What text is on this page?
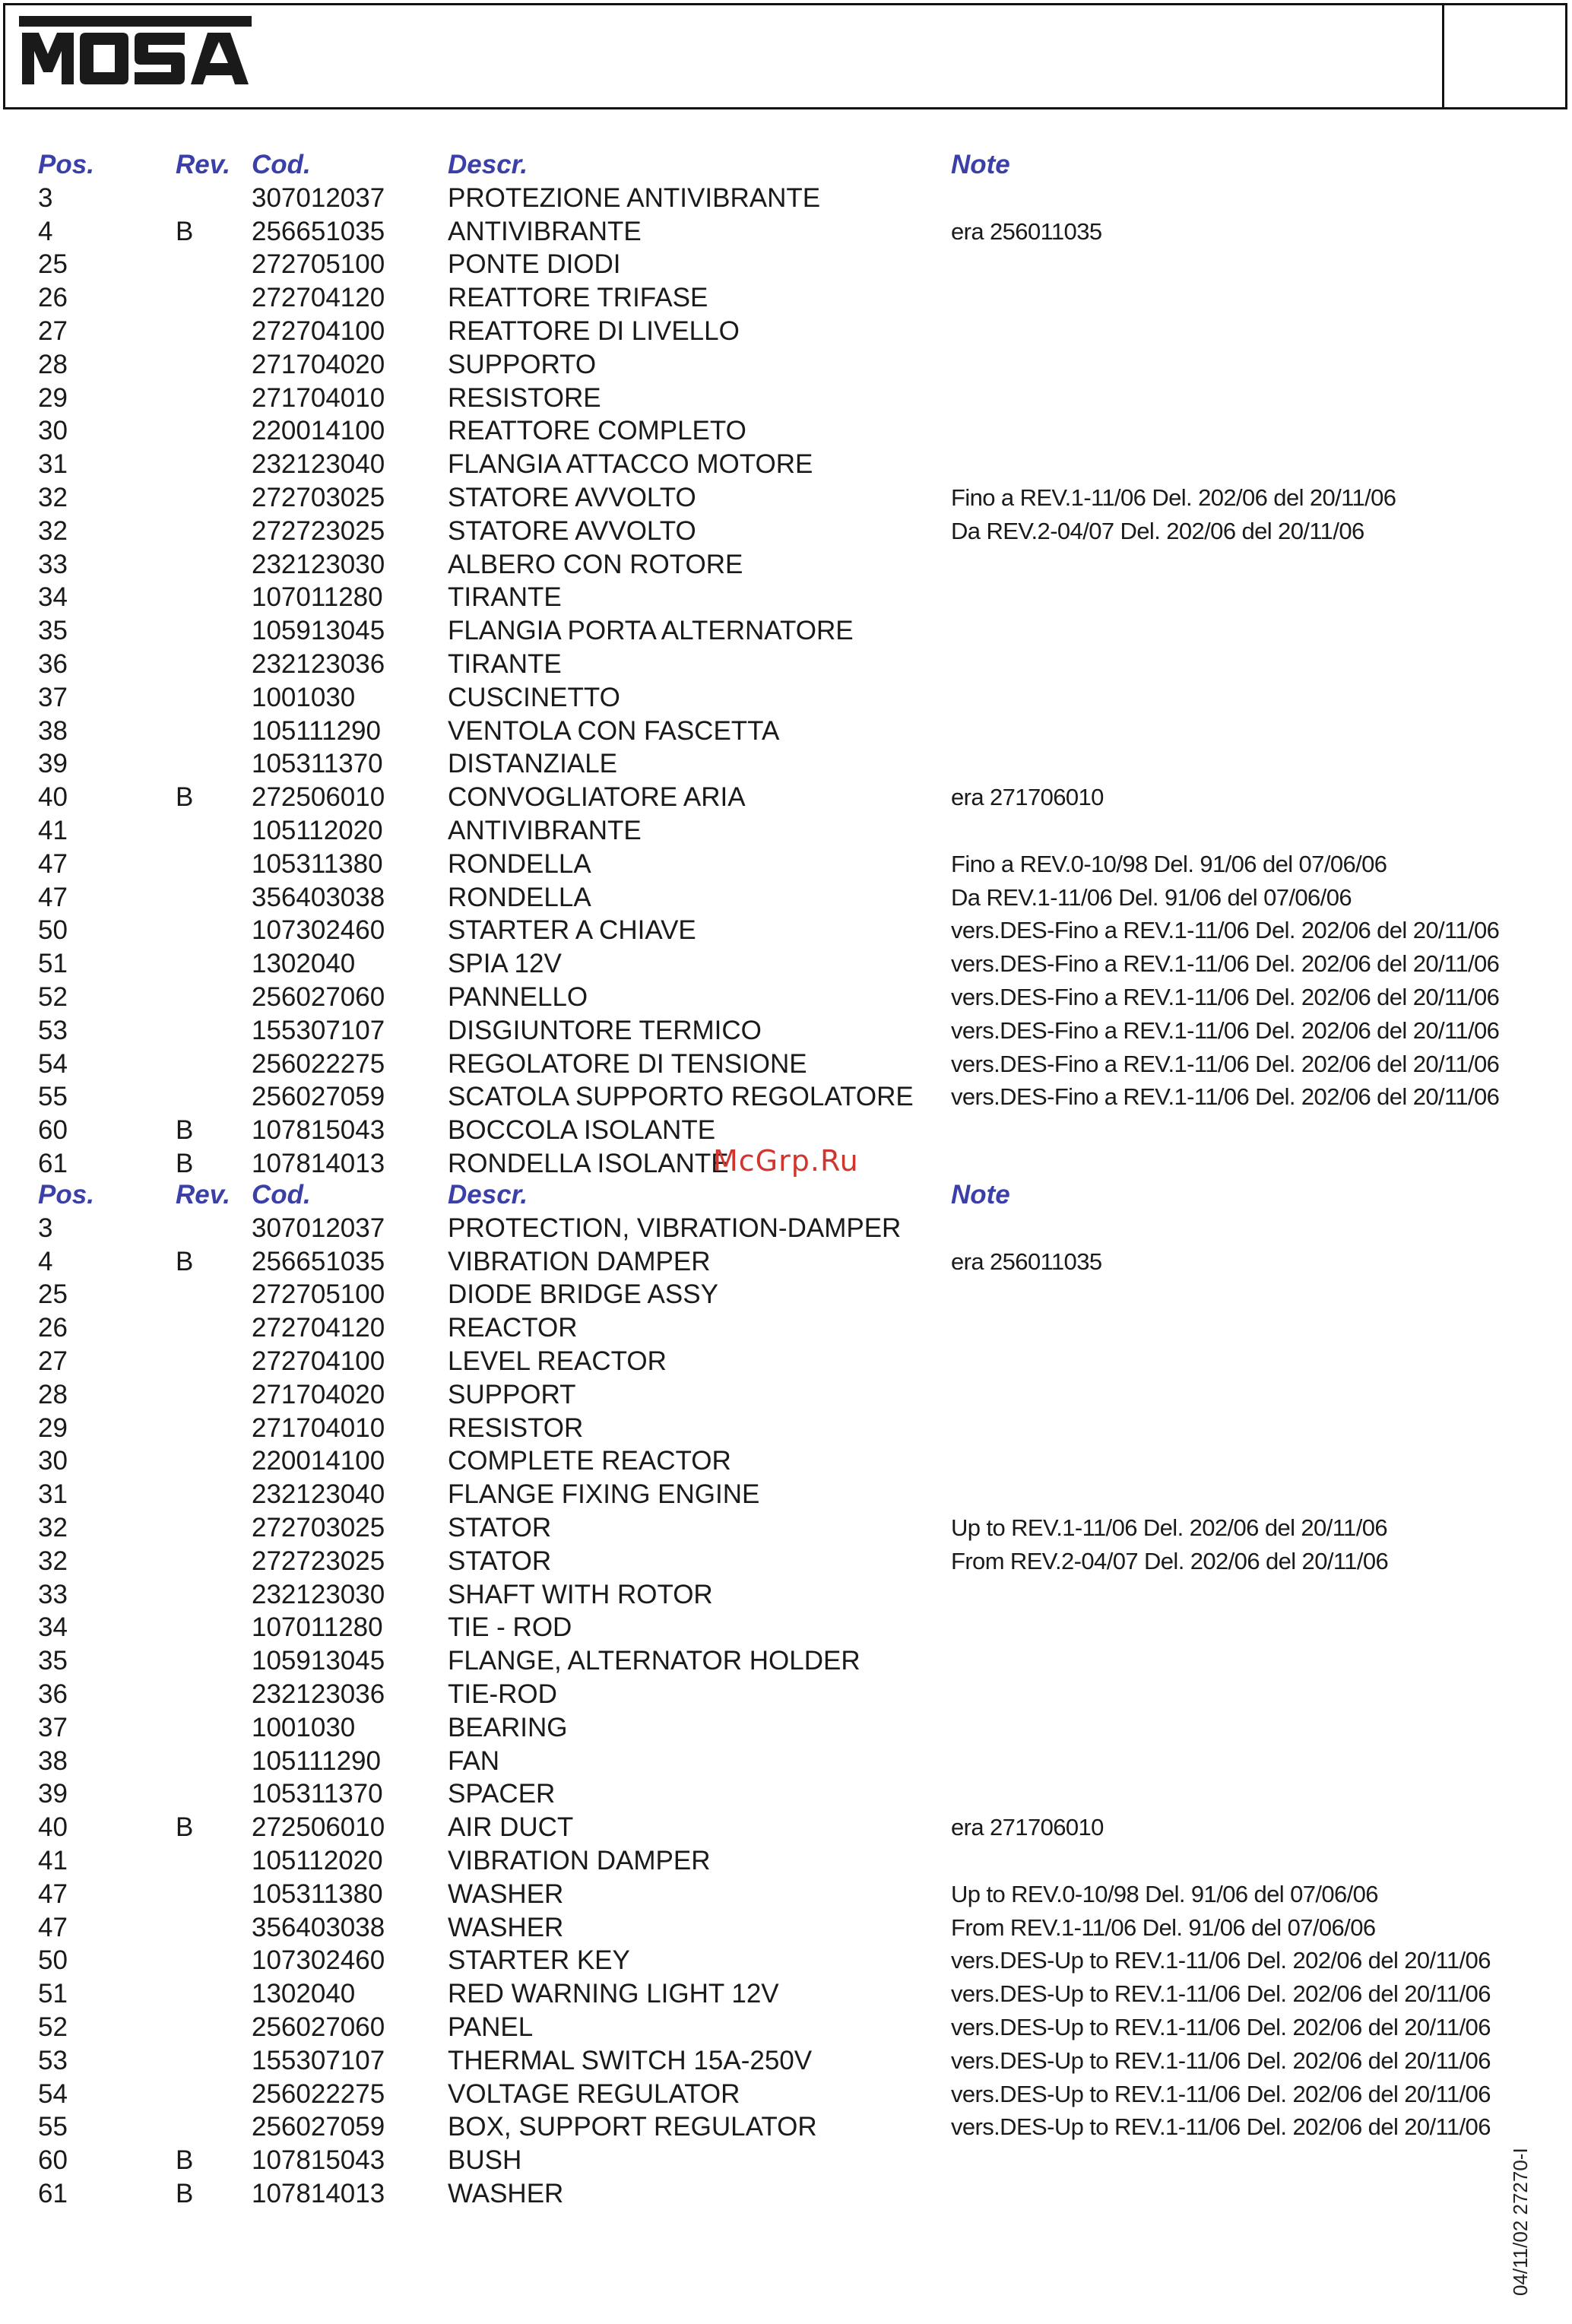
Pos.	Rev. Cod.	Descr.	Note
3	307012037 PROTEZIONE ANTIVIBRANTE
4	B 256651035 ANTIVIBRANTE	era 256011035
25	272705100 PONTE DIODI
26	272704120 REATTORE TRIFASE
27	272704100 REATTORE DI LIVELLO
28	271704020 SUPPORTO
29	271704010 RESISTORE
30	220014100 REATTORE COMPLETO
31	232123040 FLANGIA ATTACCO MOTORE
32	272703025 STATORE AVVOLTO	Fino a REV.1-11/06 Del. 202/06 del 20/11/06
32	272723025 STATORE AVVOLTO	Da REV.2-04/07 Del. 202/06 del 20/11/06
33	232123030 ALBERO CON ROTORE
34	107011280 TIRANTE
35	105913045 FLANGIA PORTA ALTERNATORE
36	232123036 TIRANTE
37	1001030	CUSCINETTO
38	105111290	VENTOLA CON FASCETTA
39	105311370 DISTANZIALE
40	B 272506010 CONVOGLIATORE ARIA	era 271706010
41	105112020 ANTIVIBRANTE
47	105311380 RONDELLA	Fino a REV.0-10/98 Del. 91/06 del 07/06/06
47	356403038 RONDELLA	Da REV.1-11/06 Del. 91/06 del 07/06/06
50	107302460 STARTER A CHIAVE	vers.DES-Fino a REV.1-11/06 Del. 202/06 del 20/11/06
51	1302040	SPIA 12V	vers.DES-Fino a REV.1-11/06 Del. 202/06 del 20/11/06
52	256027060 PANNELLO	vers.DES-Fino a REV.1-11/06 Del. 202/06 del 20/11/06
53	155307107 DISGIUNTORE TERMICO	vers.DES-Fino a REV.1-11/06 Del. 202/06 del 20/11/06
54	256022275 REGOLATORE DI TENSIONE	vers.DES-Fino a REV.1-11/06 Del. 202/06 del 20/11/06
55	256027059 SCATOLA SUPPORTO REGOLATORE vers.DES-Fino a REV.1-11/06 Del. 202/06 del 20/11/06
60	B 107815043 BOCCOLA ISOLANTE
61	B 107814013 RONDELLA ISOLANTE
Pos.	Rev. Cod.	Descr.	Note
3	307012037 PROTECTION, VIBRATION-DAMPER
4	B 256651035 VIBRATION DAMPER	era 256011035
25	272705100 DIODE BRIDGE ASSY
26	272704120 REACTOR
27	272704100 LEVEL REACTOR
28	271704020 SUPPORT
29	271704010 RESISTOR
30	220014100 COMPLETE REACTOR
31	232123040 FLANGE FIXING ENGINE
32	272703025 STATOR	Up to REV.1-11/06 Del. 202/06 del 20/11/06
32	272723025 STATOR	From REV.2-04/07 Del. 202/06 del 20/11/06
33	232123030 SHAFT WITH ROTOR
34	107011280 TIE - ROD
35	105913045 FLANGE, ALTERNATOR HOLDER
36	232123036 TIE-ROD
37	1001030	BEARING
38	105111290	FAN
39	105311370 SPACER
40	B 272506010 AIR DUCT	era 271706010
41	105112020 VIBRATION DAMPER
47	105311380 WASHER	Up to REV.0-10/98 Del. 91/06 del 07/06/06
47	356403038 WASHER	From REV.1-11/06 Del. 91/06 del 07/06/06
50	107302460 STARTER KEY	vers.DES-Up to REV.1-11/06 Del. 202/06 del 20/11/06
51	1302040	RED WARNING LIGHT 12V	vers.DES-Up to REV.1-11/06 Del. 202/06 del 20/11/06
52	256027060 PANEL	vers.DES-Up to REV.1-11/06 Del. 202/06 del 20/11/06
53	155307107 THERMAL SWITCH 15A-250V	vers.DES-Up to REV.1-11/06 Del. 202/06 del 20/11/06
54	256022275 VOLTAGE REGULATOR	vers.DES-Up to REV.1-11/06 Del. 202/06 del 20/11/06
55	256027059 BOX, SUPPORT REGULATOR	vers.DES-Up to REV.1-11/06 Del. 202/06 del 20/11/06
60	B 107815043 BUSH
61	B 107814013 WASHER
McGrp.Ru
04/11/02 27270-I
